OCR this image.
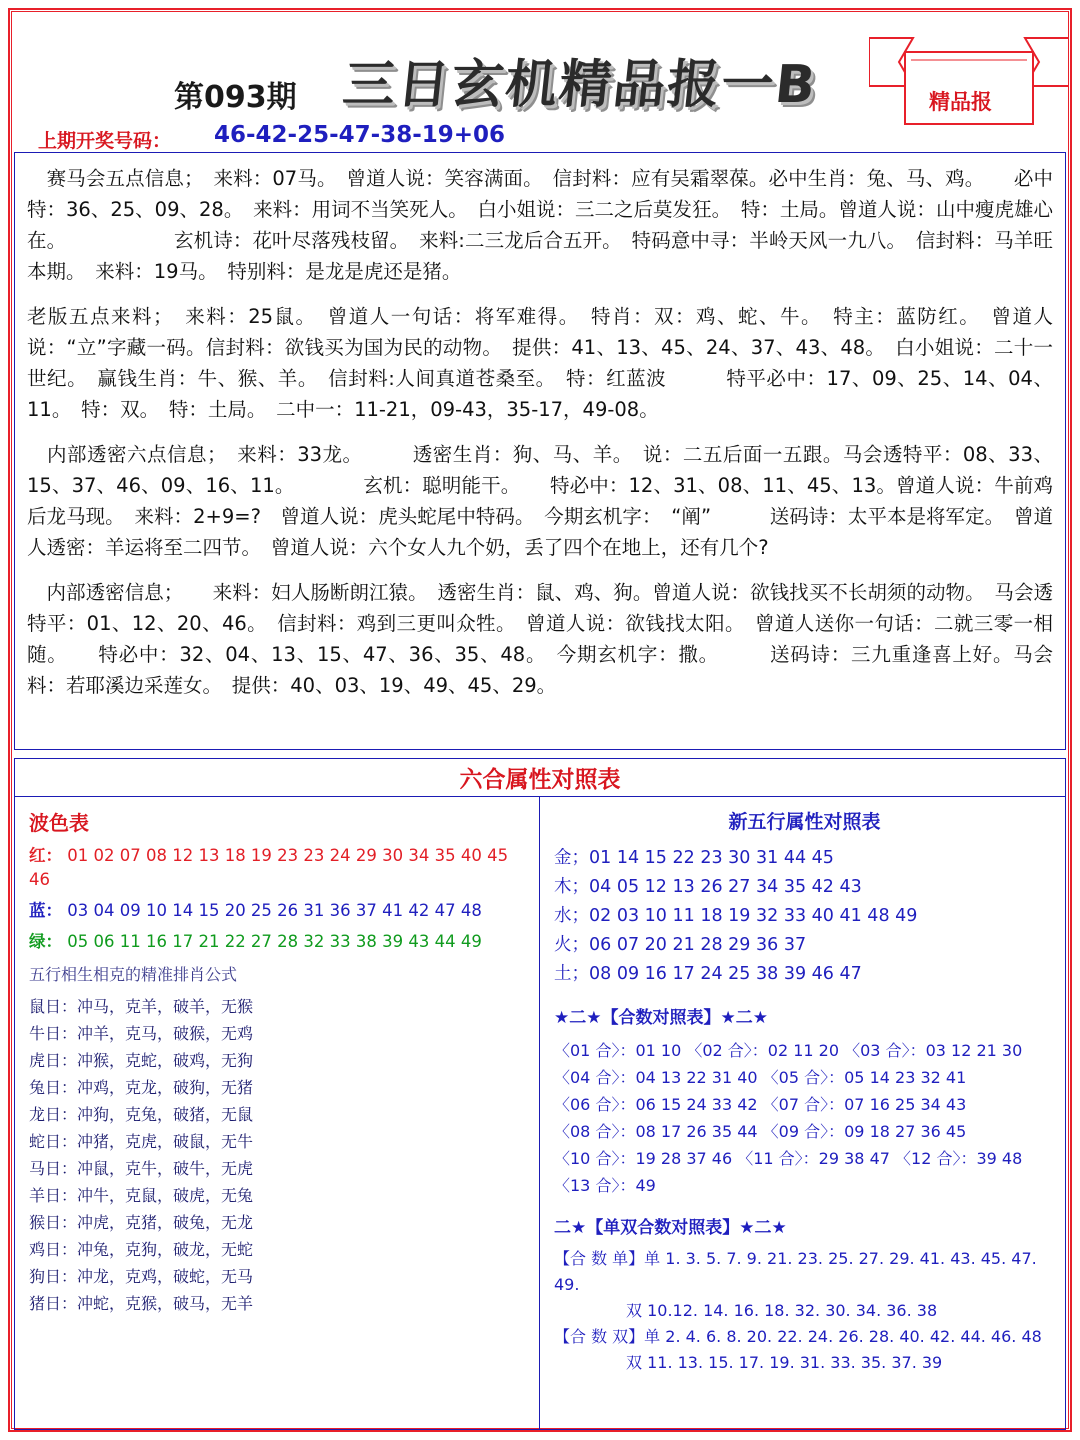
三日玄机精品报一B
第093期
上期开奖号码： 46-42-25-47-38-19+06
精品报

　赛马会五点信息；　来料：07马。　曾道人说：笑容满面。　信封料：应有吴霜翠葆。必中生肖：兔、马、鸡。　　必中特：36、25、09、28。　来料：用词不当笑死人。　白小姐说：三二之后莫发狂。　特：土局。曾道人说：山中瘦虎雄心在。　　　　　　玄机诗：花叶尽落残枝留。　来料:二三龙后合五开。　特码意中寻：半岭天风一九八。　信封料：马羊旺本期。　来料：19马。　特别料：是龙是虎还是猪。

老版五点来料；　来料：25鼠。　曾道人一句话：将军难得。　特肖：双：鸡、蛇、牛。　特主：蓝防红。　曾道人说：“立”字藏一码。信封料：欲钱买为国为民的动物。　提供：41、13、45、24、37、43、48。　白小姐说：二十一世纪。　赢钱生肖：牛、猴、羊。　信封料:人间真道苍桑至。　特：红蓝波　　　特平必中：17、09、25、14、04、11。　特：双。　特：土局。　二中一：11-21，09-43，35-17，49-08。

　内部透密六点信息；　来料：33龙。　　　透密生肖：狗、马、羊。　说：二五后面一五跟。马会透特平：08、33、15、37、46、09、16、11。　　　　玄机：聪明能干。　　特必中：12、31、08、11、45、13。曾道人说：牛前鸡后龙马现。　来料：2+9=?　曾道人说：虎头蛇尾中特码。　今期玄机字：　“阐”　　　送码诗：太平本是将军定。　曾道人透密：羊运将至二四节。　曾道人说：六个女人九个奶，丢了四个在地上，还有几个?

　内部透密信息；　　来料：妇人肠断朗江猿。　透密生肖：鼠、鸡、狗。曾道人说：欲钱找买不长胡须的动物。　马会透特平：01、12、20、46。　信封料：鸡到三更叫众牲。　曾道人说：欲钱找太阳。　曾道人送你一句话：二就三零一相随。　　特必中：32、04、13、15、47、36、35、48。　今期玄机字：撒。　　　送码诗：三九重逢喜上好。马会料：若耶溪边采莲女。　提供：40、03、19、49、45、29。

六合属性对照表
波色表
红： 01 02 07 08 12 13 18 19 23 23 24 29 30 34 35 40 45 46
蓝： 03 04 09 10 14 15 20 25 26 31 36 37 41 42 47 48
绿： 05 06 11 16 17 21 22 27 28 32 33 38 39 43 44 49
五行相生相克的精准排肖公式
鼠日：冲马，克羊，破羊，无猴
牛日：冲羊，克马，破猴，无鸡
虎日：冲猴，克蛇，破鸡，无狗
兔日：冲鸡，克龙，破狗，无猪
龙日：冲狗，克兔，破猪，无鼠
蛇日：冲猪，克虎，破鼠，无牛
马日：冲鼠，克牛，破牛，无虎
羊日：冲牛，克鼠，破虎，无兔
猴日：冲虎，克猪，破兔，无龙
鸡日：冲兔，克狗，破龙，无蛇
狗日：冲龙，克鸡，破蛇，无马
猪日：冲蛇，克猴，破马，无羊
新五行属性对照表
金；01 14 15 22 23 30 31 44 45
木；04 05 12 13 26 27 34 35 42 43
水；02 03 10 11 18 19 32 33 40 41 48 49
火；06 07 20 21 28 29 36 37
土；08 09 16 17 24 25 38 39 46 47
★二★【合数对照表】★二★
〈01 合〉：01 10 〈02 合〉：02 11 20 〈03 合〉：03 12 21 30
〈04 合〉：04 13 22 31 40 〈05 合〉：05 14 23 32 41
〈06 合〉：06 15 24 33 42 〈07 合〉：07 16 25 34 43
〈08 合〉：08 17 26 35 44 〈09 合〉：09 18 27 36 45
〈10 合〉：19 28 37 46 〈11 合〉：29 38 47 〈12 合〉：39 48
〈13 合〉：49
二★【单双合数对照表】★二★
【合 数 单】单 1. 3. 5. 7. 9. 21. 23. 25. 27. 29. 41. 43. 45. 47. 49.
双 10.12. 14. 16. 18. 32. 30. 34. 36. 38
【合 数 双】单 2. 4. 6. 8. 20. 22. 24. 26. 28. 40. 42. 44. 46. 48
双 11. 13. 15. 17. 19. 31. 33. 35. 37. 39
